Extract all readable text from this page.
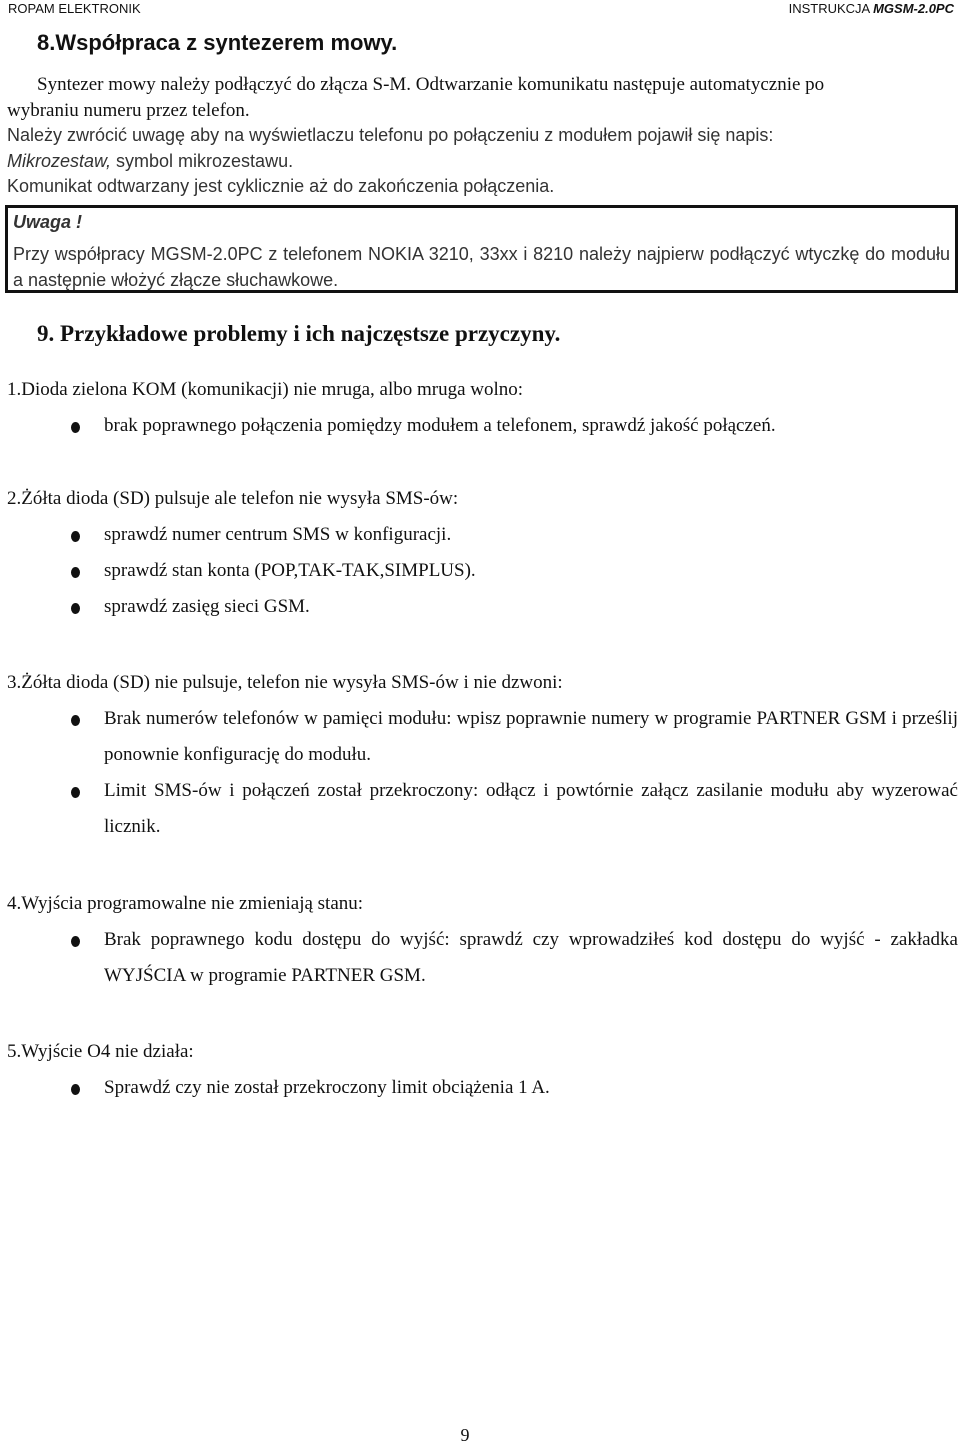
ROPAM ELEKTRONIK	INSTRUKCJA MGSM-2.0PC
8.Współpraca z syntezerem mowy.

Syntezer mowy należy podłączyć do złącza S-M. Odtwarzanie komunikatu następuje automatycznie po

wybraniu numeru przez telefon.

Należy zwrócić uwagę aby na wyświetlaczu telefonu po połączeniu z modułem pojawił się napis:

Mikrozestaw, symbol mikrozestawu.

Komunikat odtwarzany jest cyklicznie aż do zakończenia połączenia.

Uwaga !
Przy współpracy MGSM-2.0PC z telefonem NOKIA 3210, 33xx i 8210 należy najpierw podłączyć wtyczkę do modułu a następnie włożyć złącze słuchawkowe.
9. Przykładowe problemy i ich najczęstsze przyczyny.
1.Dioda zielona KOM (komunikacji) nie mruga, albo mruga wolno:
brak poprawnego połączenia pomiędzy modułem a telefonem, sprawdź jakość połączeń.
2.Żółta dioda (SD) pulsuje ale telefon nie wysyła SMS-ów:
sprawdź numer centrum SMS w konfiguracji.
sprawdź stan konta (POP,TAK-TAK,SIMPLUS).
sprawdź zasięg sieci GSM.
3.Żółta dioda (SD) nie pulsuje, telefon nie wysyła SMS-ów i nie dzwoni:
Brak numerów telefonów w pamięci modułu: wpisz poprawnie numery w programie PARTNER GSM i prześlij ponownie konfigurację do modułu.
Limit SMS-ów i połączeń został przekroczony: odłącz i powtórnie załącz zasilanie modułu aby wyzerować licznik.
4.Wyjścia programowalne nie zmieniają stanu:
Brak poprawnego kodu dostępu do wyjść: sprawdź czy wprowadziłeś kod dostępu do wyjść - zakładka WYJŚCIA w programie PARTNER GSM.
5.Wyjście O4 nie działa:
Sprawdź czy nie został przekroczony limit obciążenia 1 A.
9
